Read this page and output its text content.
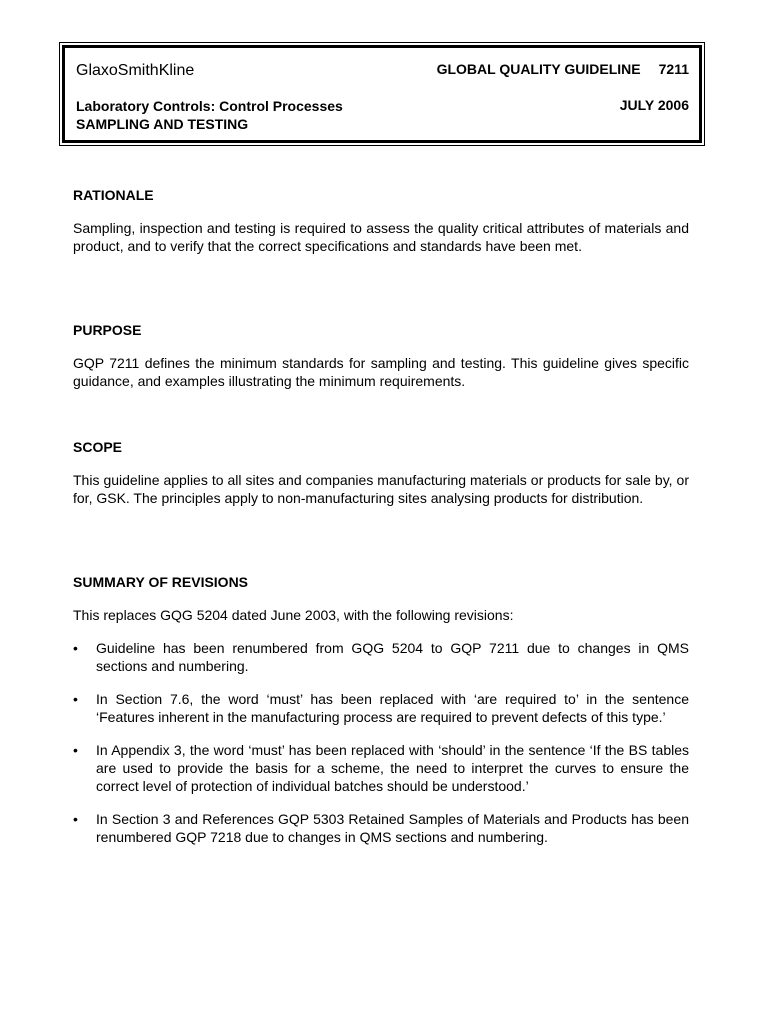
GlaxoSmithKline	GLOBAL QUALITY GUIDELINE 7211
Laboratory Controls: Control Processes
SAMPLING AND TESTING
JULY 2006

RATIONALE

Sampling, inspection and testing is required to assess the quality critical attributes of materials and product, and to verify that the correct specifications and standards have been met.

PURPOSE

GQP 7211 defines the minimum standards for sampling and testing. This guideline gives specific guidance, and examples illustrating the minimum requirements.

SCOPE

This guideline applies to all sites and companies manufacturing materials or products for sale by, or for, GSK. The principles apply to non-manufacturing sites analysing products for distribution.

SUMMARY OF REVISIONS

This replaces GQG 5204 dated June 2003, with the following revisions:

• Guideline has been renumbered from GQG 5204 to GQP 7211 due to changes in QMS sections and numbering.
• In Section 7.6, the word ‘must’ has been replaced with ‘are required to’ in the sentence ‘Features inherent in the manufacturing process are required to prevent defects of this type.’
• In Appendix 3, the word ‘must’ has been replaced with ‘should’ in the sentence ‘If the BS tables are used to provide the basis for a scheme, the need to interpret the curves to ensure the correct level of protection of individual batches should be understood.’
• In Section 3 and References GQP 5303 Retained Samples of Materials and Products has been renumbered GQP 7218 due to changes in QMS sections and numbering.
